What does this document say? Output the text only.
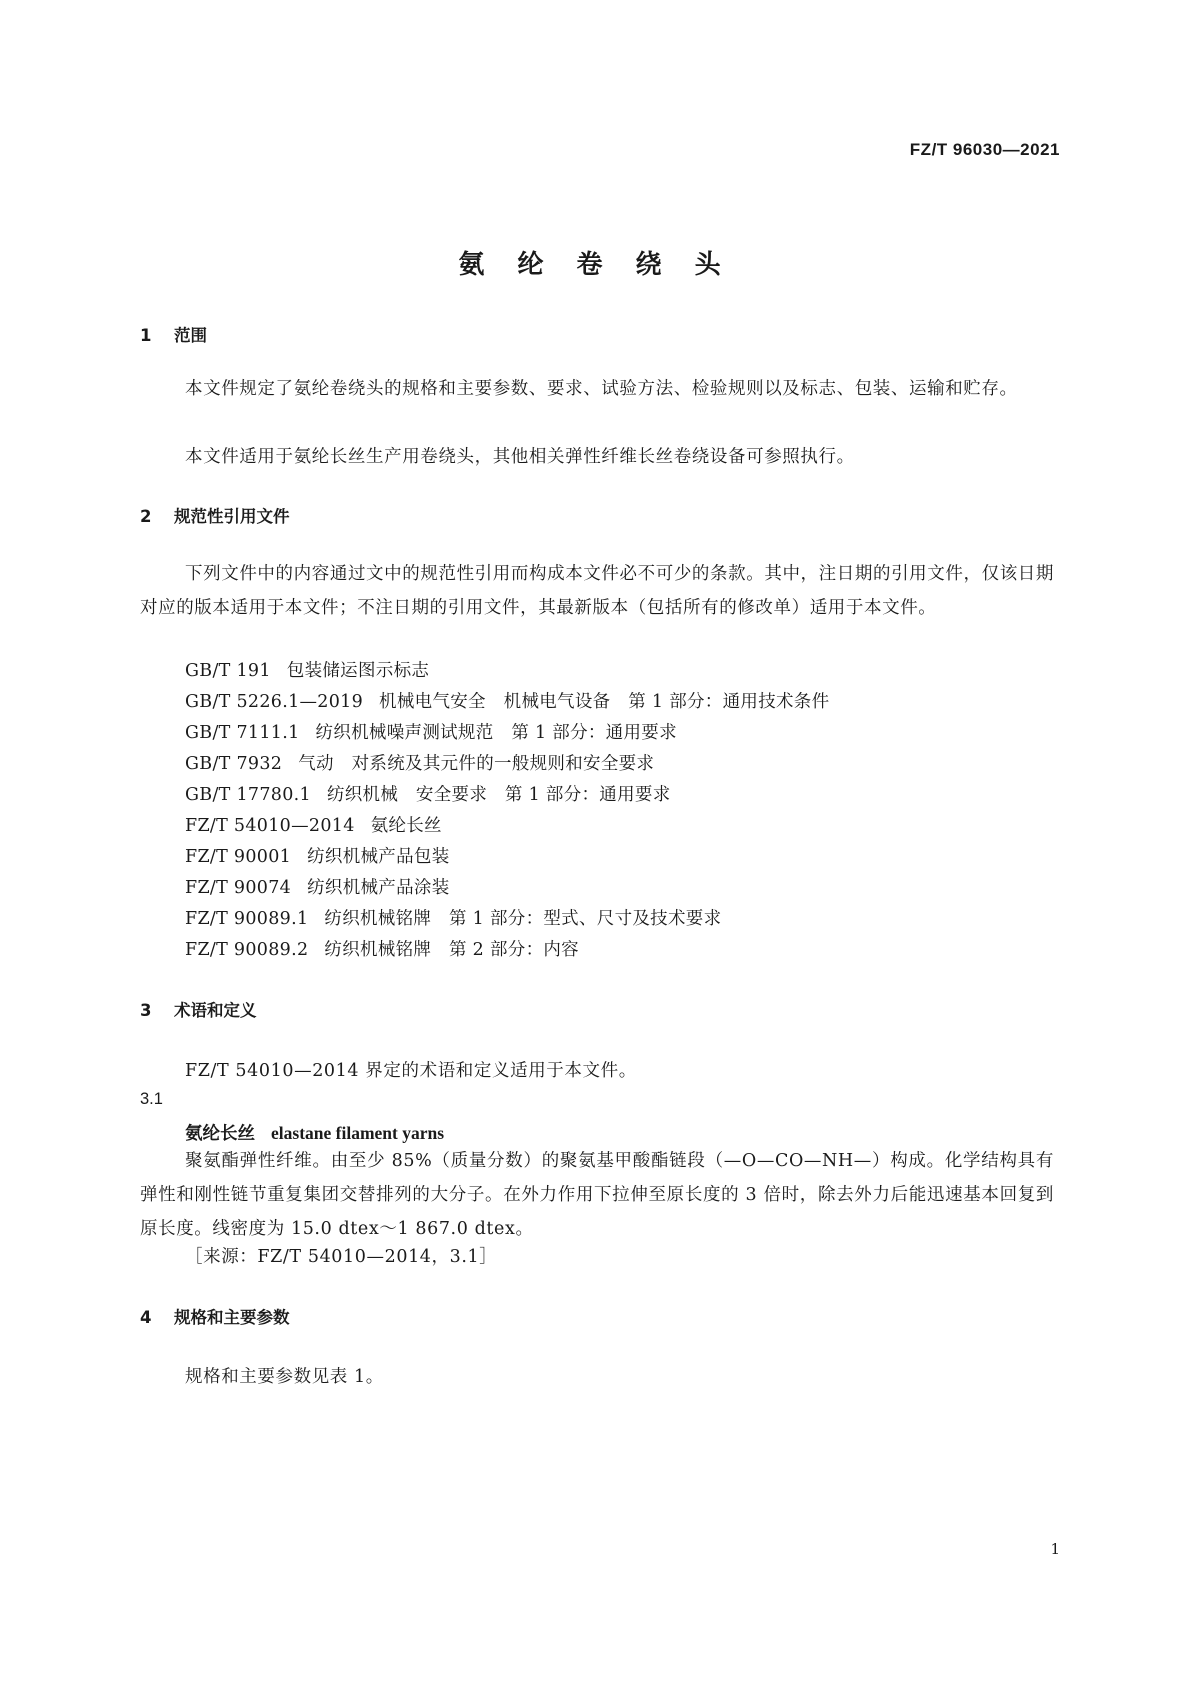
FZ/T 96030—2021
氨 纶 卷 绕 头
1 范围
本文件规定了氨纶卷绕头的规格和主要参数、要求、试验方法、检验规则以及标志、包装、运输和贮存。
本文件适用于氨纶长丝生产用卷绕头，其他相关弹性纤维长丝卷绕设备可参照执行。
2 规范性引用文件
下列文件中的内容通过文中的规范性引用而构成本文件必不可少的条款。其中，注日期的引用文件，仅该日期对应的版本适用于本文件；不注日期的引用文件，其最新版本（包括所有的修改单）适用于本文件。
GB/T 191 包装储运图示标志
GB/T 5226.1—2019 机械电气安全　机械电气设备　第 1 部分：通用技术条件
GB/T 7111.1 纺织机械噪声测试规范　第 1 部分：通用要求
GB/T 7932 气动　对系统及其元件的一般规则和安全要求
GB/T 17780.1 纺织机械　安全要求　第 1 部分：通用要求
FZ/T 54010—2014 氨纶长丝
FZ/T 90001 纺织机械产品包装
FZ/T 90074 纺织机械产品涂装
FZ/T 90089.1 纺织机械铭牌　第 1 部分：型式、尺寸及技术要求
FZ/T 90089.2 纺织机械铭牌　第 2 部分：内容
3 术语和定义
FZ/T 54010—2014 界定的术语和定义适用于本文件。
3.1
氨纶长丝 elastane filament yarns
聚氨酯弹性纤维。由至少 85%（质量分数）的聚氨基甲酸酯链段（—O—CO—NH—）构成。化学结构具有弹性和刚性链节重复集团交替排列的大分子。在外力作用下拉伸至原长度的 3 倍时，除去外力后能迅速基本回复到原长度。线密度为 15.0 dtex～1 867.0 dtex。
［来源：FZ/T 54010—2014，3.1］
4 规格和主要参数
规格和主要参数见表 1。
1
